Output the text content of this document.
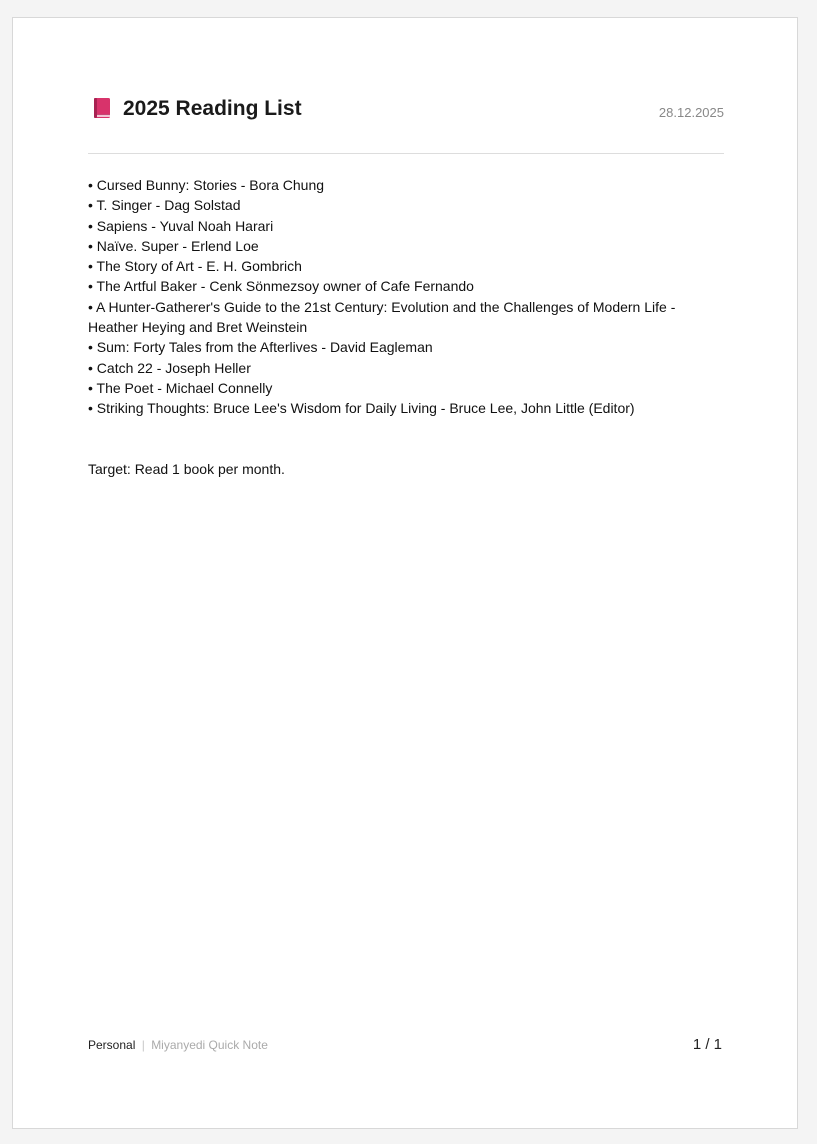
2025 Reading List	28.12.2025
• Cursed Bunny: Stories - Bora Chung
• T. Singer - Dag Solstad
• Sapiens - Yuval Noah Harari
• Naïve. Super - Erlend Loe
• The Story of Art - E. H. Gombrich
• The Artful Baker - Cenk Sönmezsoy owner of Cafe Fernando
• A Hunter-Gatherer's Guide to the 21st Century: Evolution and the Challenges of Modern Life - Heather Heying and Bret Weinstein
• Sum: Forty Tales from the Afterlives - David Eagleman
• Catch 22 - Joseph Heller
• The Poet - Michael Connelly
• Striking Thoughts: Bruce Lee's Wisdom for Daily Living - Bruce Lee, John Little (Editor)
Target: Read 1 book per month.
Personal | Miyanyedi Quick Note	1 / 1
